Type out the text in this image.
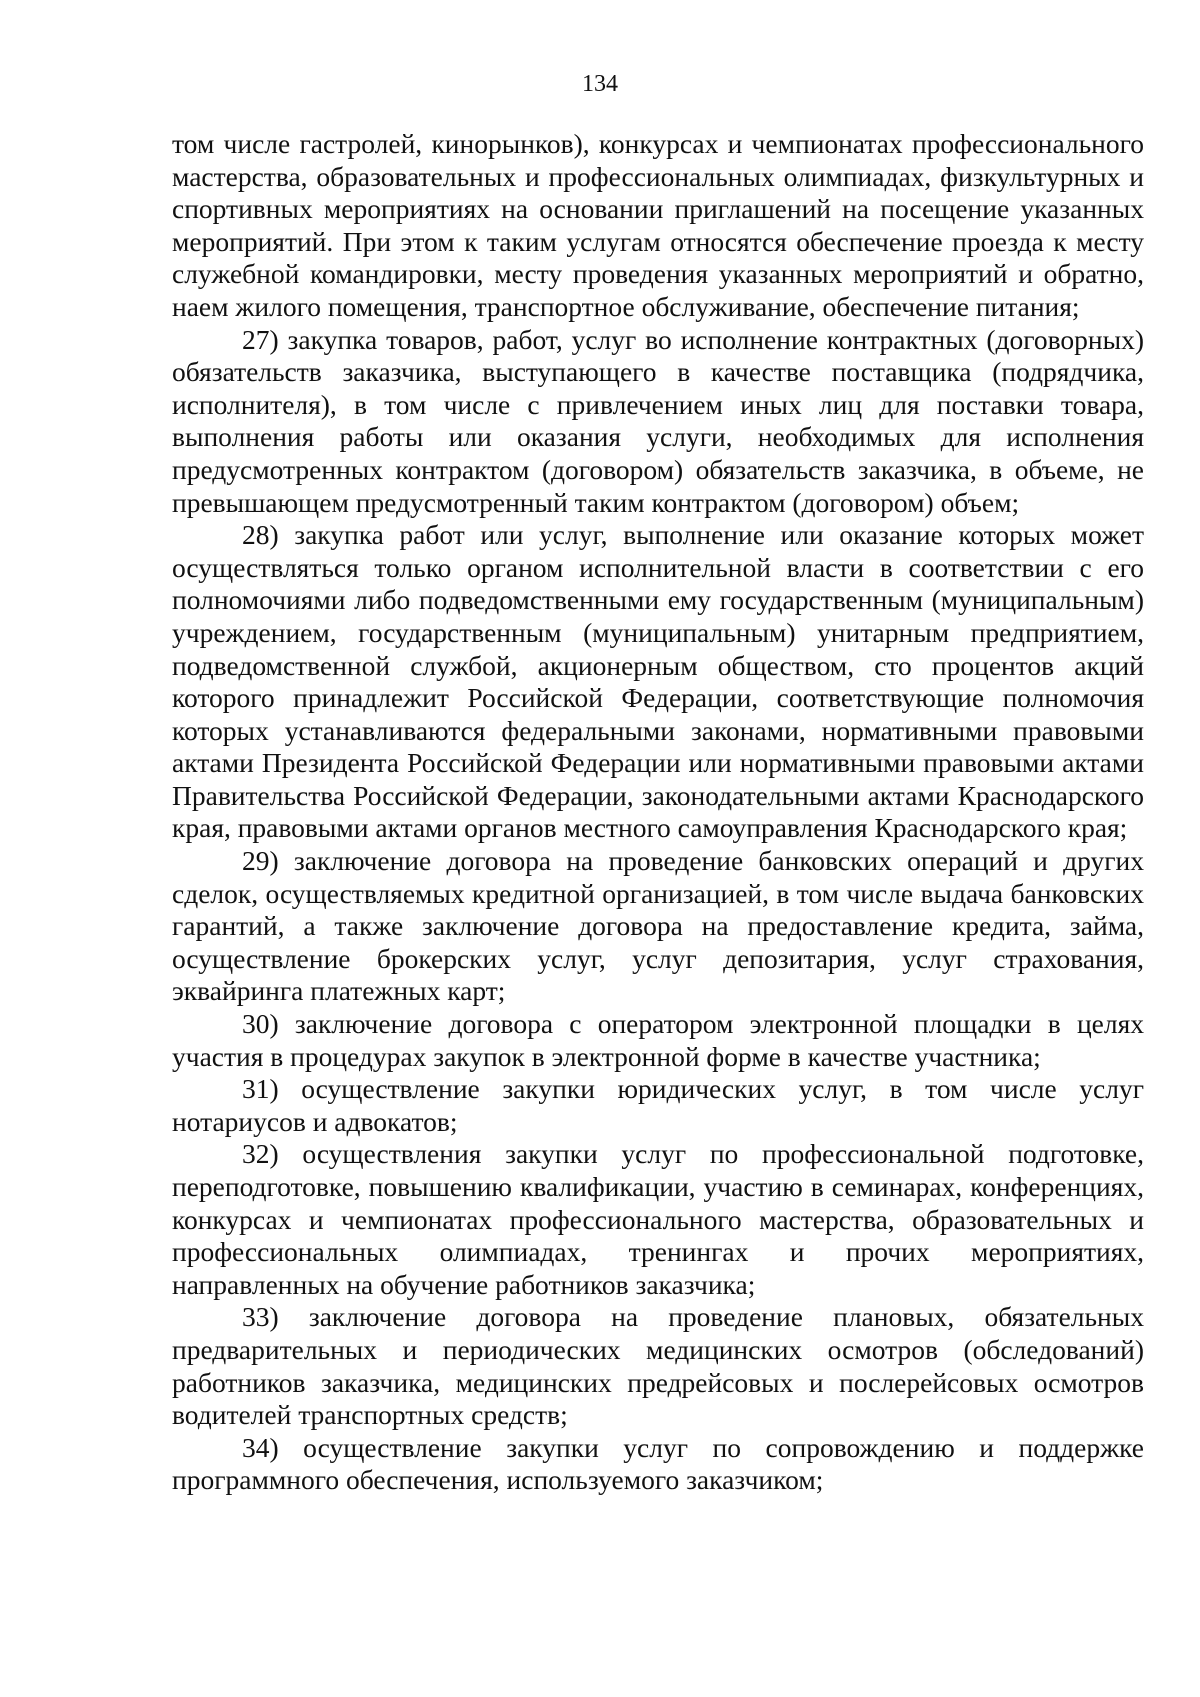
134

том числе гастролей, кинорынков), конкурсах и чемпионатах профессионального мастерства, образовательных и профессиональных олимпиадах, физкультурных и спортивных мероприятиях на основании приглашений на посещение указанных мероприятий. При этом к таким услугам относятся обеспечение проезда к месту служебной командировки, месту проведения указанных мероприятий и обратно, наем жилого помещения, транспортное обслуживание, обеспечение питания;

27) закупка товаров, работ, услуг во исполнение контрактных (договорных) обязательств заказчика, выступающего в качестве поставщика (подрядчика, исполнителя), в том числе с привлечением иных лиц для поставки товара, выполнения работы или оказания услуги, необходимых для исполнения предусмотренных контрактом (договором) обязательств заказчика, в объеме, не превышающем предусмотренный таким контрактом (договором) объем;

28) закупка работ или услуг, выполнение или оказание которых может осуществляться только органом исполнительной власти в соответствии с его полномочиями либо подведомственными ему государственным (муниципальным) учреждением, государственным (муниципальным) унитарным предприятием, подведомственной службой, акционерным обществом, сто процентов акций которого принадлежит Российской Федерации, соответствующие полномочия которых устанавливаются федеральными законами, нормативными правовыми актами Президента Российской Федерации или нормативными правовыми актами Правительства Российской Федерации, законодательными актами Краснодарского края, правовыми актами органов местного самоуправления Краснодарского края;

29) заключение договора на проведение банковских операций и других сделок, осуществляемых кредитной организацией, в том числе выдача банковских гарантий, а также заключение договора на предоставление кредита, займа, осуществление брокерских услуг, услуг депозитария, услуг страхования, эквайринга платежных карт;

30) заключение договора с оператором электронной площадки в целях участия в процедурах закупок в электронной форме в качестве участника;

31) осуществление закупки юридических услуг, в том числе услуг нотариусов и адвокатов;

32) осуществления закупки услуг по профессиональной подготовке, переподготовке, повышению квалификации, участию в семинарах, конференциях, конкурсах и чемпионатах профессионального мастерства, образовательных и профессиональных олимпиадах, тренингах и прочих мероприятиях, направленных на обучение работников заказчика;

33) заключение договора на проведение плановых, обязательных предварительных и периодических медицинских осмотров (обследований) работников заказчика, медицинских предрейсовых и послерейсовых осмотров водителей транспортных средств;

34) осуществление закупки услуг по сопровождению и поддержке программного обеспечения, используемого заказчиком;
